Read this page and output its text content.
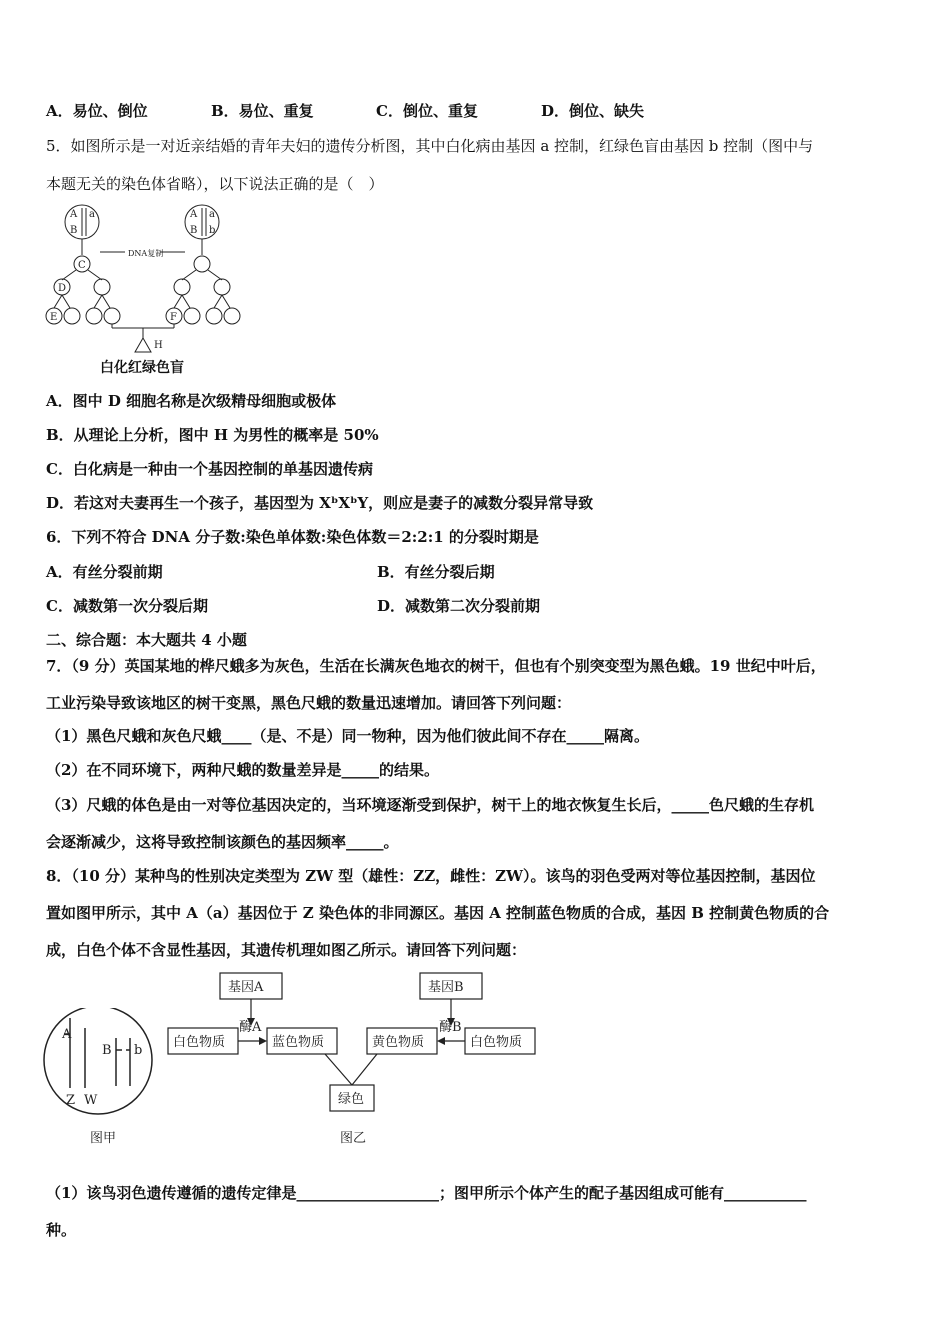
A．易位、倒位	B．易位、重复	C．倒位、重复	D．倒位、缺失
5．如图所示是一对近亲结婚的青年夫妇的遗传分析图，其中白化病由基因 a 控制，红绿色盲由基因 b 控制（图中与
本题无关的染色体省略），以下说法正确的是（　）
A a
B
A a
B b
C
D
E	F
H
DNA复制
白化红绿色盲
A．图中 D 细胞名称是次级精母细胞或极体
B．从理论上分析，图中 H 为男性的概率是 50%
C．白化病是一种由一个基因控制的单基因遗传病
D．若这对夫妻再生一个孩子，基因型为 XᵇXᵇY，则应是妻子的减数分裂异常导致
6．下列不符合 DNA 分子数:染色单体数:染色体数＝2:2:1 的分裂时期是
A．有丝分裂前期	B．有丝分裂后期
C．减数第一次分裂后期	D．减数第二次分裂前期
二、综合题：本大题共 4 小题
7．（9 分）英国某地的桦尺蛾多为灰色，生活在长满灰色地衣的树干，但也有个别突变型为黑色蛾。19 世纪中叶后，
工业污染导致该地区的树干变黑，黑色尺蛾的数量迅速增加。请回答下列问题：
（1）黑色尺蛾和灰色尺蛾____（是、不是）同一物种，因为他们彼此间不存在_____隔离。
（2）在不同环境下，两种尺蛾的数量差异是_____的结果。
（3）尺蛾的体色是由一对等位基因决定的，当环境逐渐受到保护，树干上的地衣恢复生长后，_____色尺蛾的生存机
会逐渐减少，这将导致控制该颜色的基因频率_____。
8．（10 分）某种鸟的性别决定类型为 ZW 型（雄性：ZZ，雌性：ZW）。该鸟的羽色受两对等位基因控制，基因位
置如图甲所示，其中 A（a）基因位于 Z 染色体的非同源区。基因 A 控制蓝色物质的合成，基因 B 控制黄色物质的合
成，白色个体不含显性基因，其遗传机理如图乙所示。请回答下列问题：
A
B b
Z W
图甲
基因A	基因B
酶A	酶B
白色物质	蓝色物质	黄色物质	白色物质
绿色
图乙
（1）该鸟羽色遗传遵循的遗传定律是___________________；图甲所示个体产生的配子基因组成可能有___________
种。
